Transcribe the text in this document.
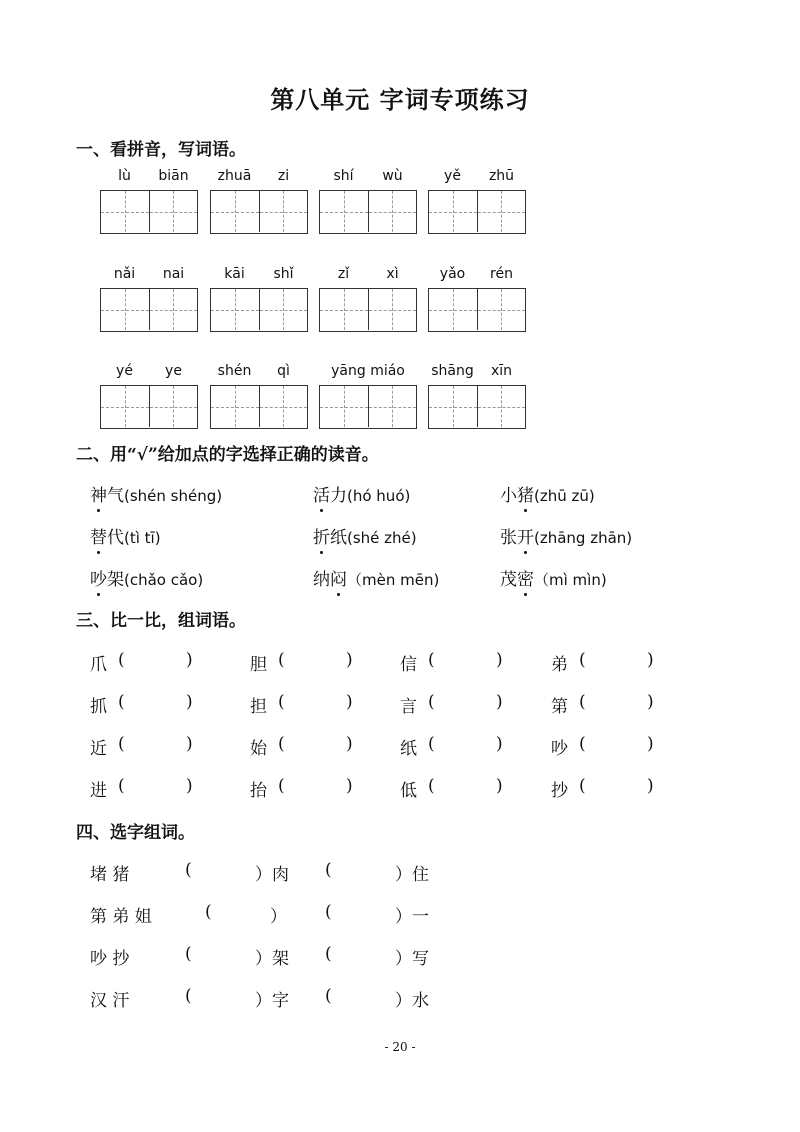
第八单元 字词专项练习
一、看拼音，写词语。
lù	biān	zhuā	zi	shí	wù	yě	zhū
nǎi	nai	kāi	shǐ	zǐ	xì	yǎo	rén
yé	ye	shén	qì	yāng miáo	shāng	xīn
二、用“√”给加点的字选择正确的读音。
神气(shén shéng)	活力(hó huó)	小猪(zhū zū)
替代(tì tī)	折纸(shé zhé)	张开(zhāng zhān)
吵架(chǎo cǎo)	纳闷（mèn mēn)	茂密（mì mìn)
三、比一比，组词语。
爪 (	)	胆 (	)	信 (	)	弟 (	)
抓 (	)	担 (	)	言 (	)	第 (	)
近 (	)	始 (	)	纸 (	)	吵 (	)
进 (	)	抬 (	)	低 (	)	抄 (	)
四、选字组词。
堵 猪	(	）肉 (	）住
第 弟 姐	(	） (	）一
吵 抄	(	）架 (	）写
汉 汗	(	）字 (	）水
- 20 -
